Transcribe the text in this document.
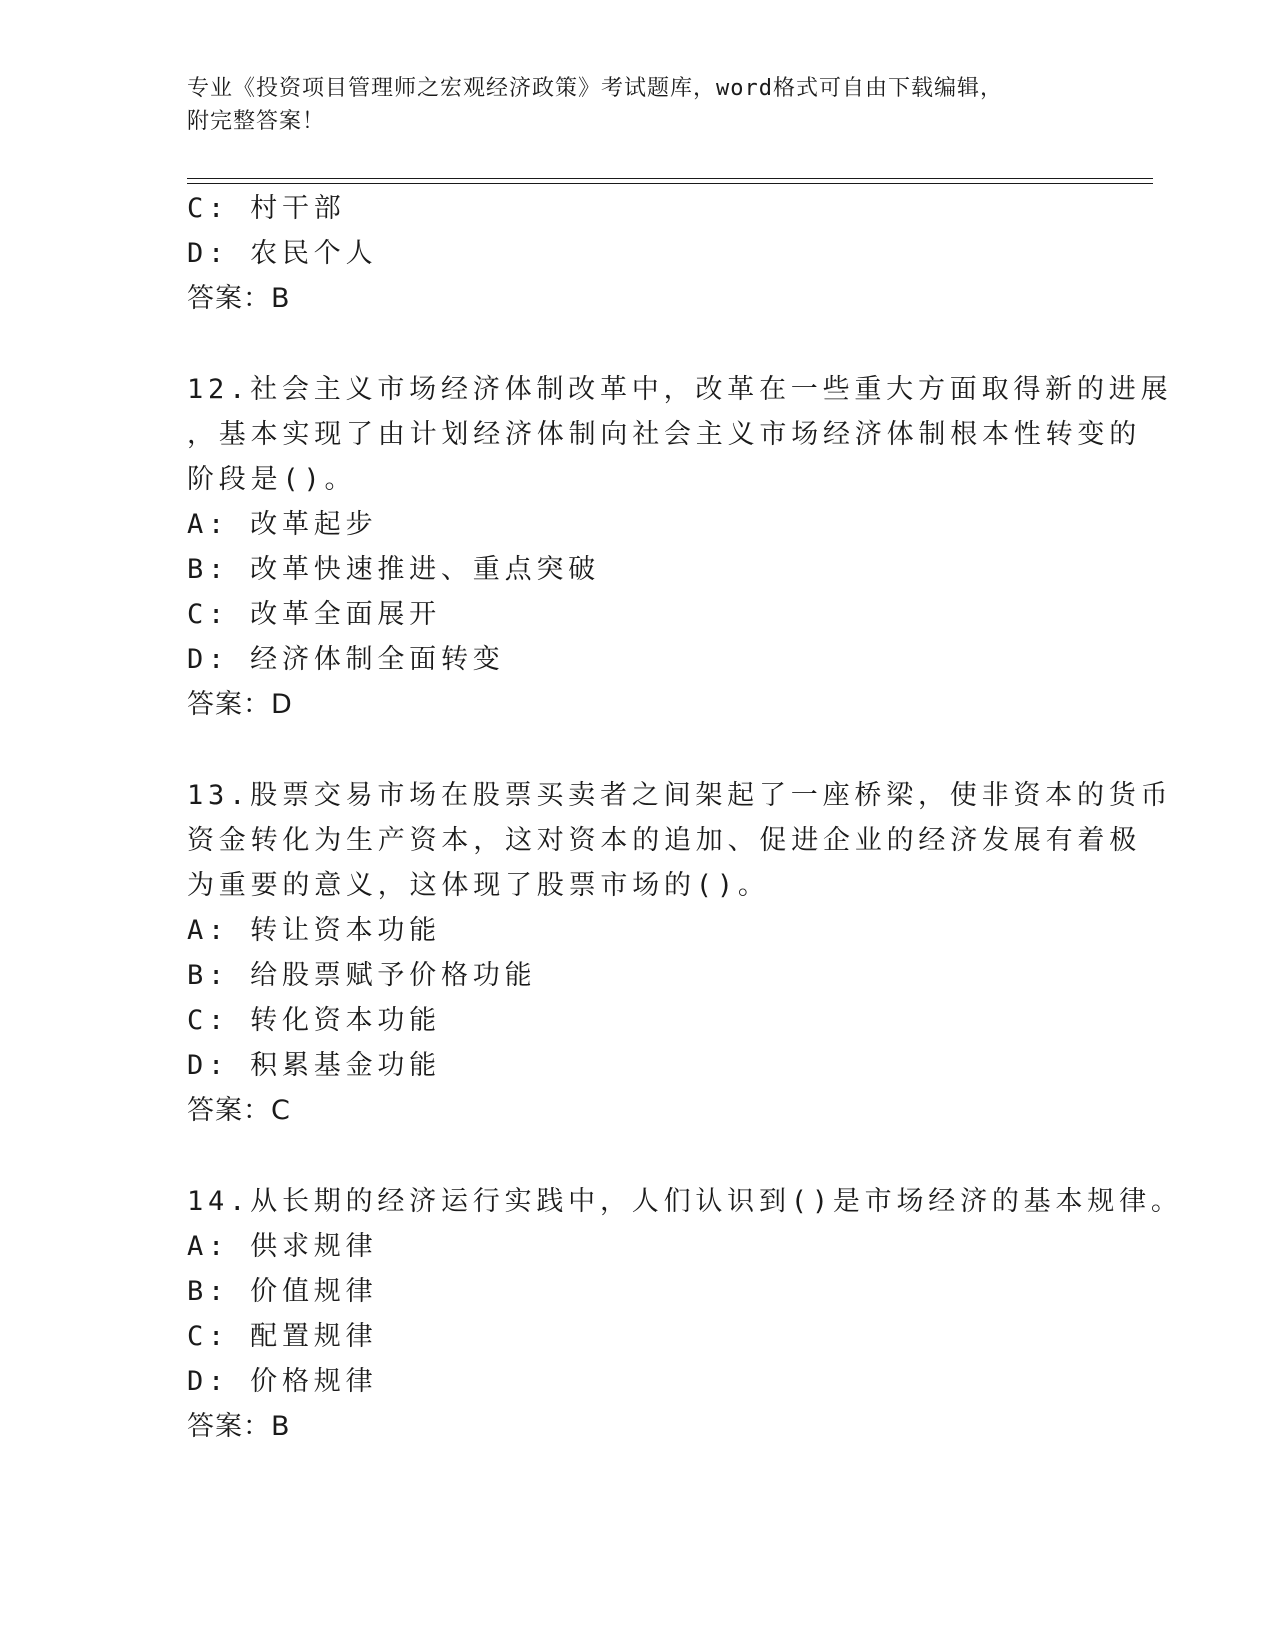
专业《投资项目管理师之宏观经济政策》考试题库，word格式可自由下载编辑，
附完整答案！
C: 村干部
D: 农民个人
答案：B
12.社会主义市场经济体制改革中，改革在一些重大方面取得新的进展
，基本实现了由计划经济体制向社会主义市场经济体制根本性转变的
阶段是()。
A: 改革起步
B: 改革快速推进、重点突破
C: 改革全面展开
D: 经济体制全面转变
答案：D
13.股票交易市场在股票买卖者之间架起了一座桥梁，使非资本的货币
资金转化为生产资本，这对资本的追加、促进企业的经济发展有着极
为重要的意义，这体现了股票市场的()。
A: 转让资本功能
B: 给股票赋予价格功能
C: 转化资本功能
D: 积累基金功能
答案：C
14.从长期的经济运行实践中，人们认识到()是市场经济的基本规律。
A: 供求规律
B: 价值规律
C: 配置规律
D: 价格规律
答案：B
